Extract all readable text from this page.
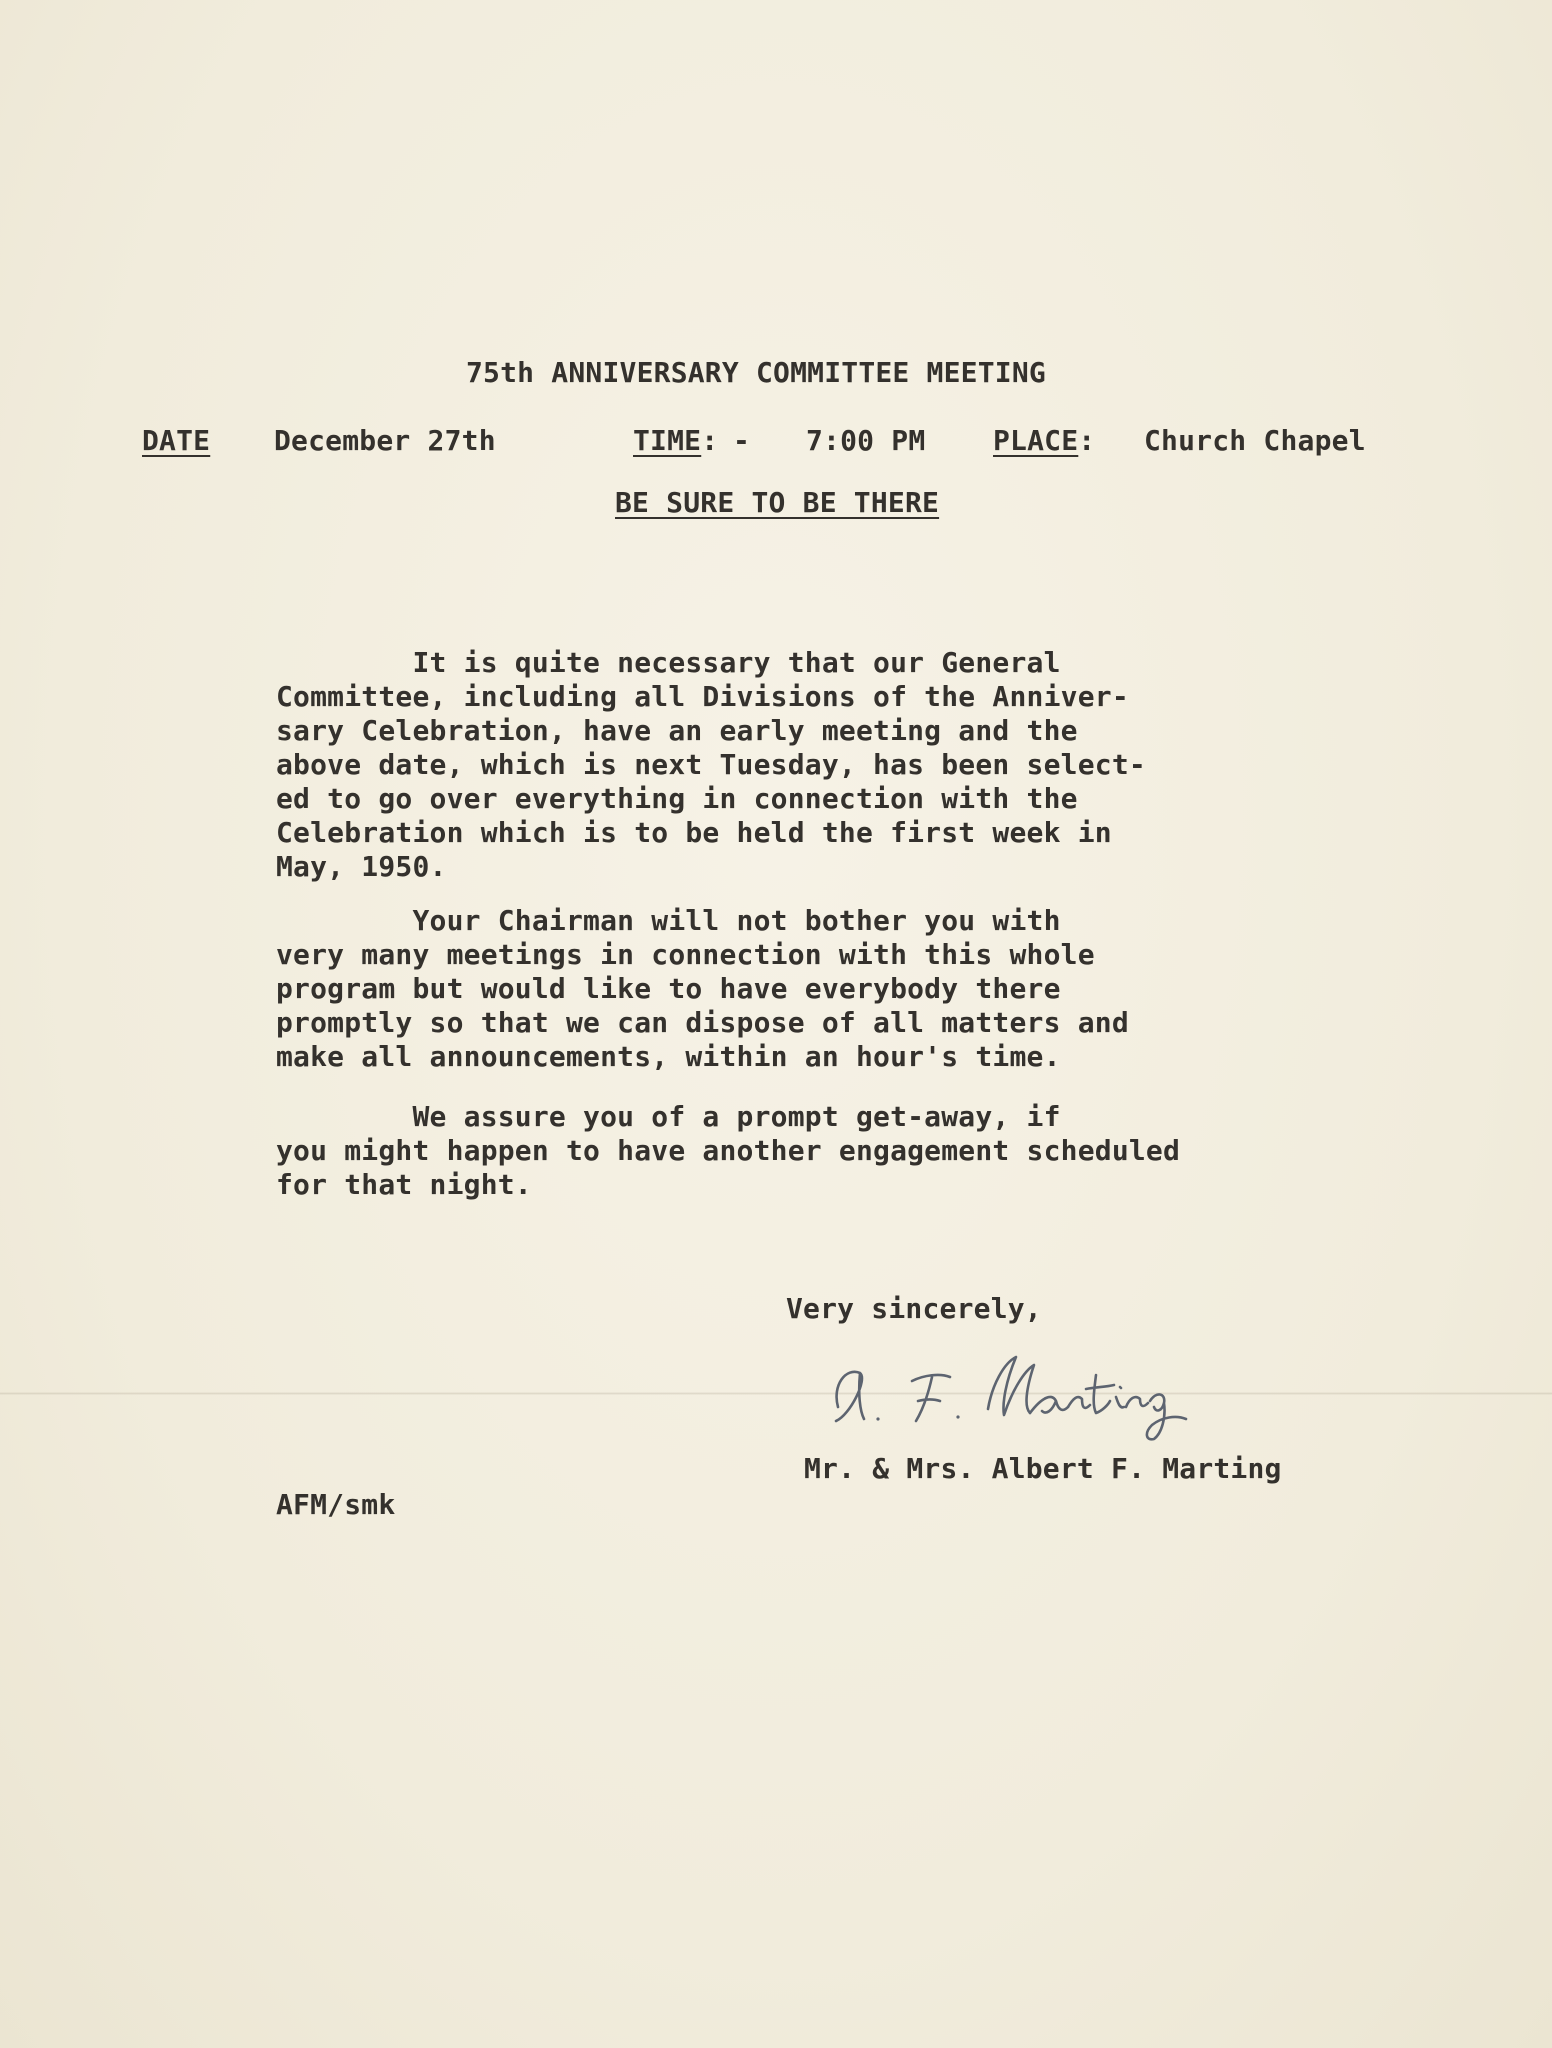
75th ANNIVERSARY COMMITTEE MEETING
DATE December 27th	TIME:
- 7:00 PM PLACE: Church Chapel
BE SURE TO BE THERE
It is quite necessary that our General
Committee, including all Divisions of the Anniver-
sary Celebration, have an early meeting and the
above date, which is next Tuesday, has been select-
ed to go over everything in connection with the
Celebration which is to be held the first week in
May, 1950.
Your Chairman will not bother you with
very many meetings in connection with this whole
program but would like to have everybody there
promptly so that we can dispose of all matters and
make all announcements, within an hour's time.
We assure you of a prompt get-away, if
you might happen to have another engagement scheduled
for that night.
Very sincerely,
Mr. & Mrs. Albert F. Marting
AFM/smk
